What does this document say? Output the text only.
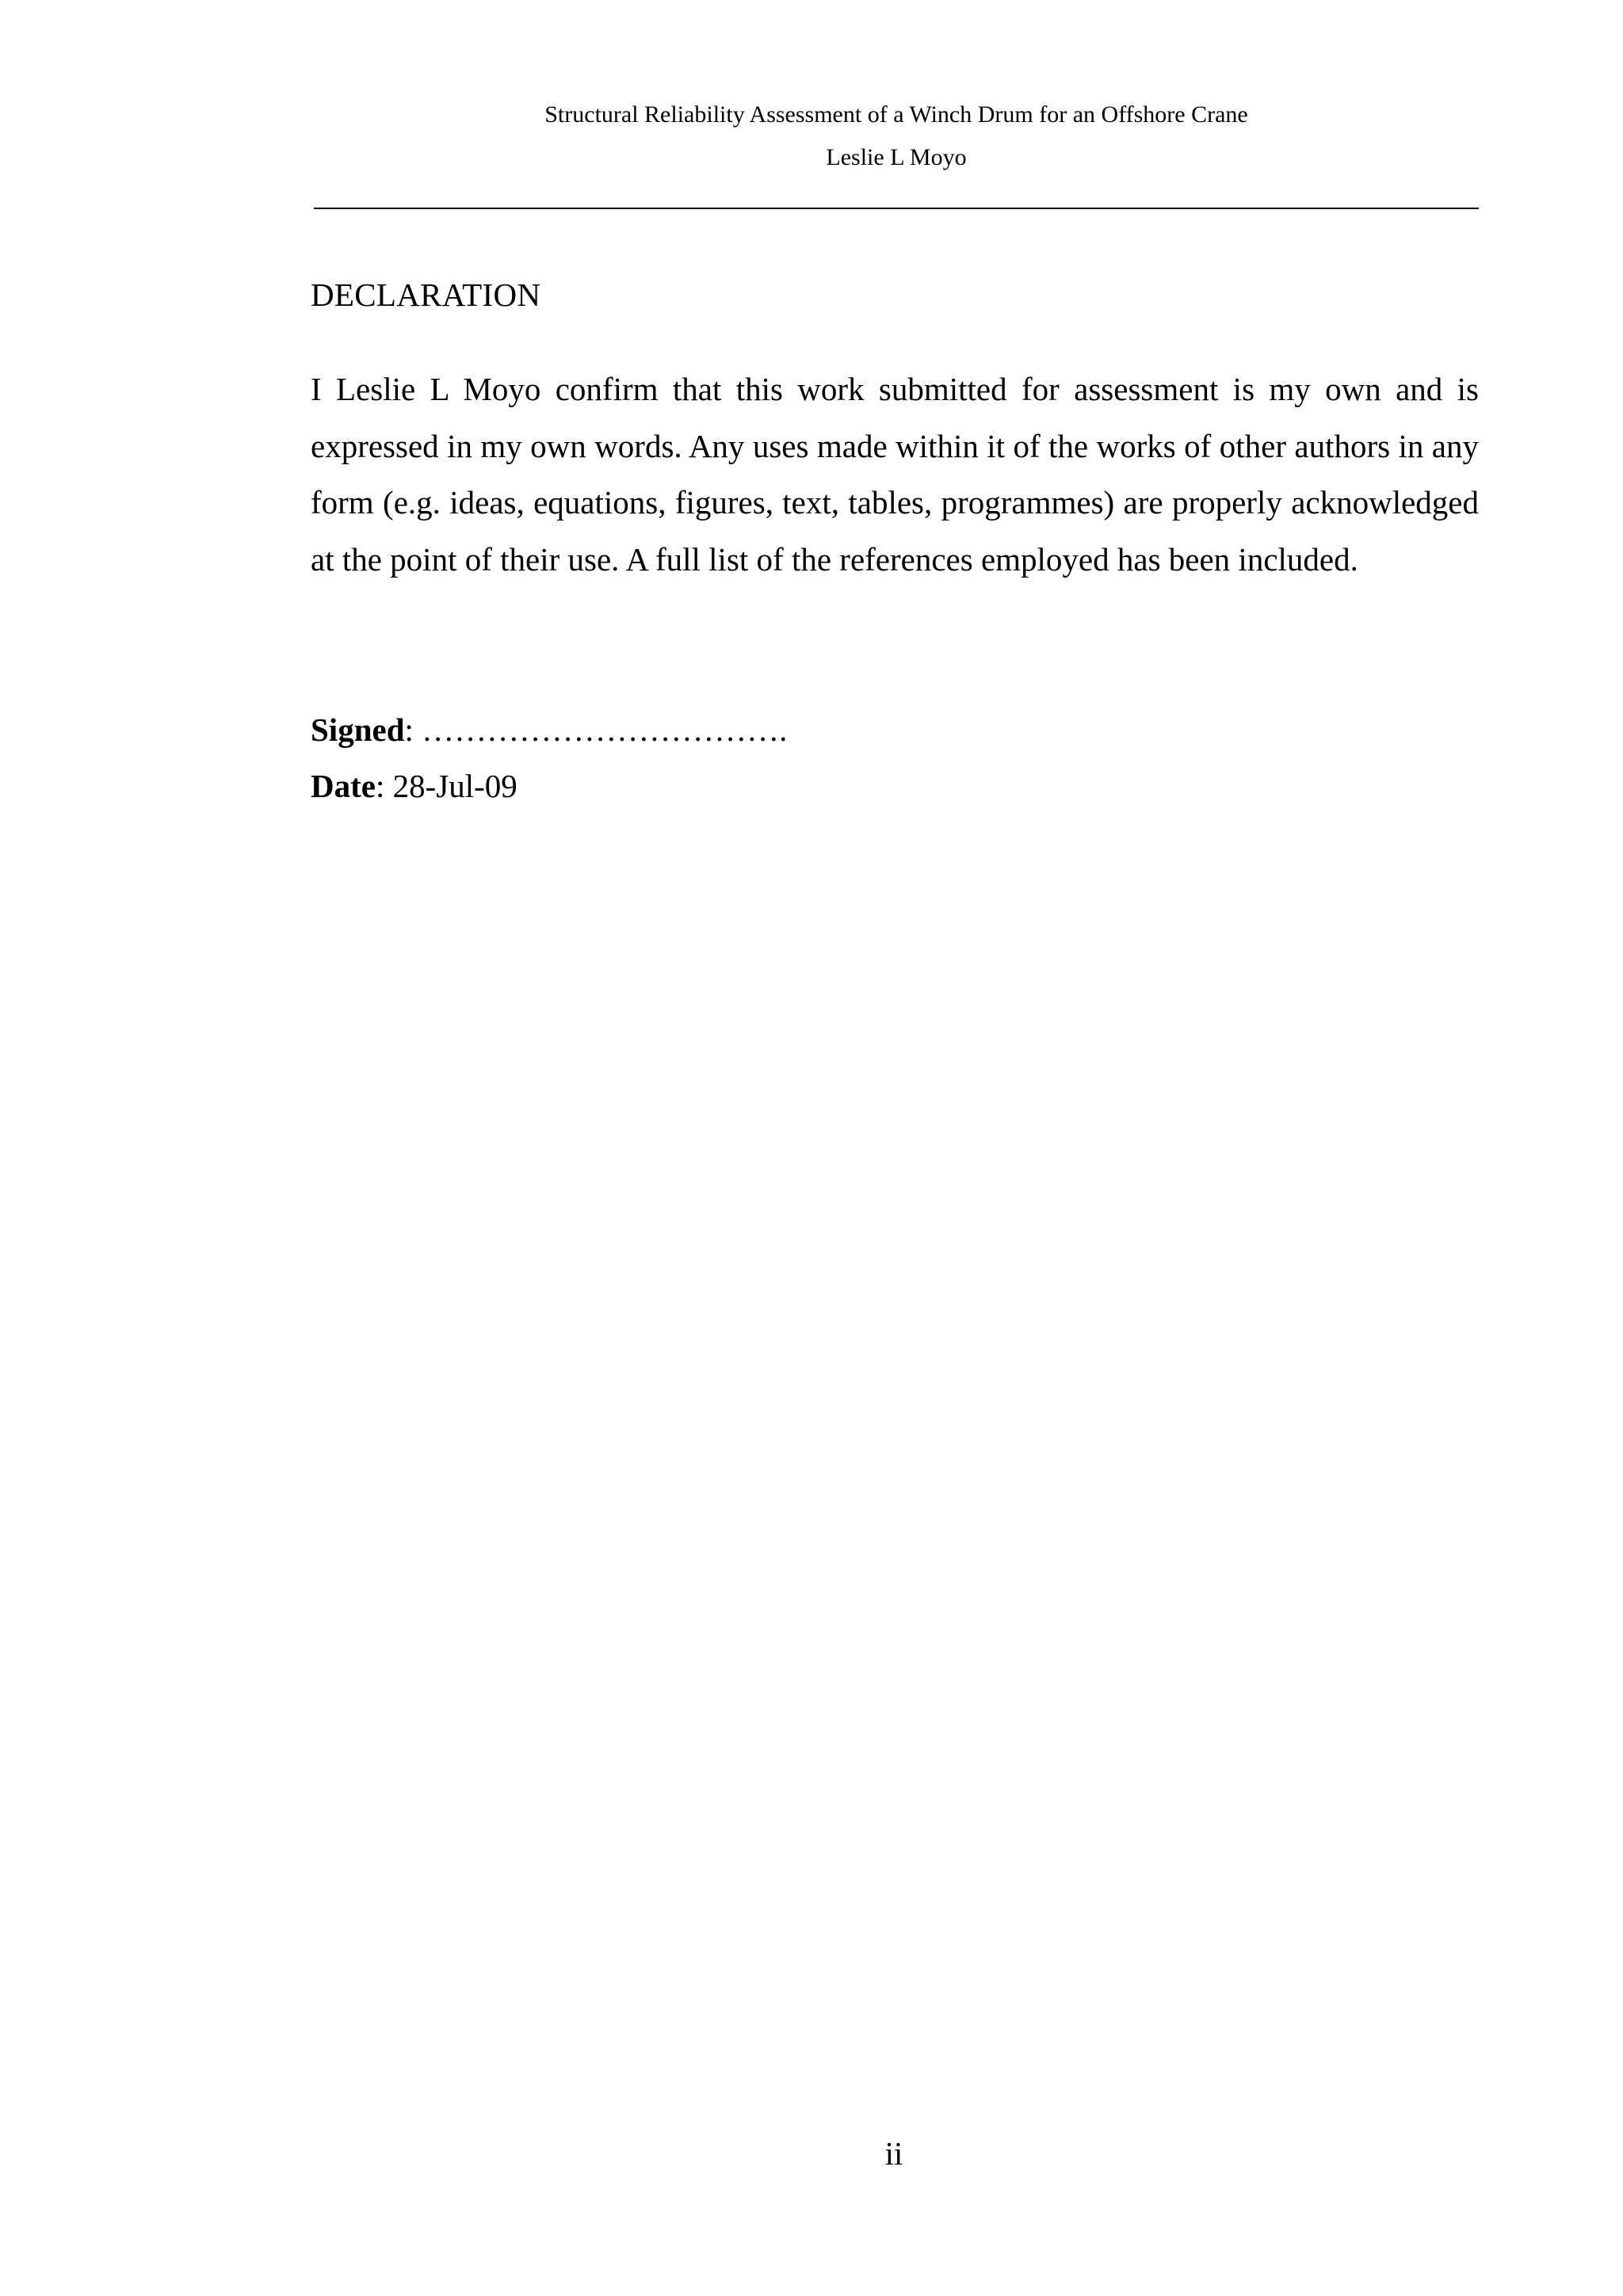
Structural Reliability Assessment of a Winch Drum for an Offshore Crane
Leslie L Moyo
DECLARATION

I Leslie L Moyo confirm that this work submitted for assessment is my own and is expressed in my own words. Any uses made within it of the works of other authors in any form (e.g. ideas, equations, figures, text, tables, programmes) are properly acknowledged at the point of their use. A full list of the references employed has been included.

Signed: …………………………….
Date: 28-Jul-09
ii
